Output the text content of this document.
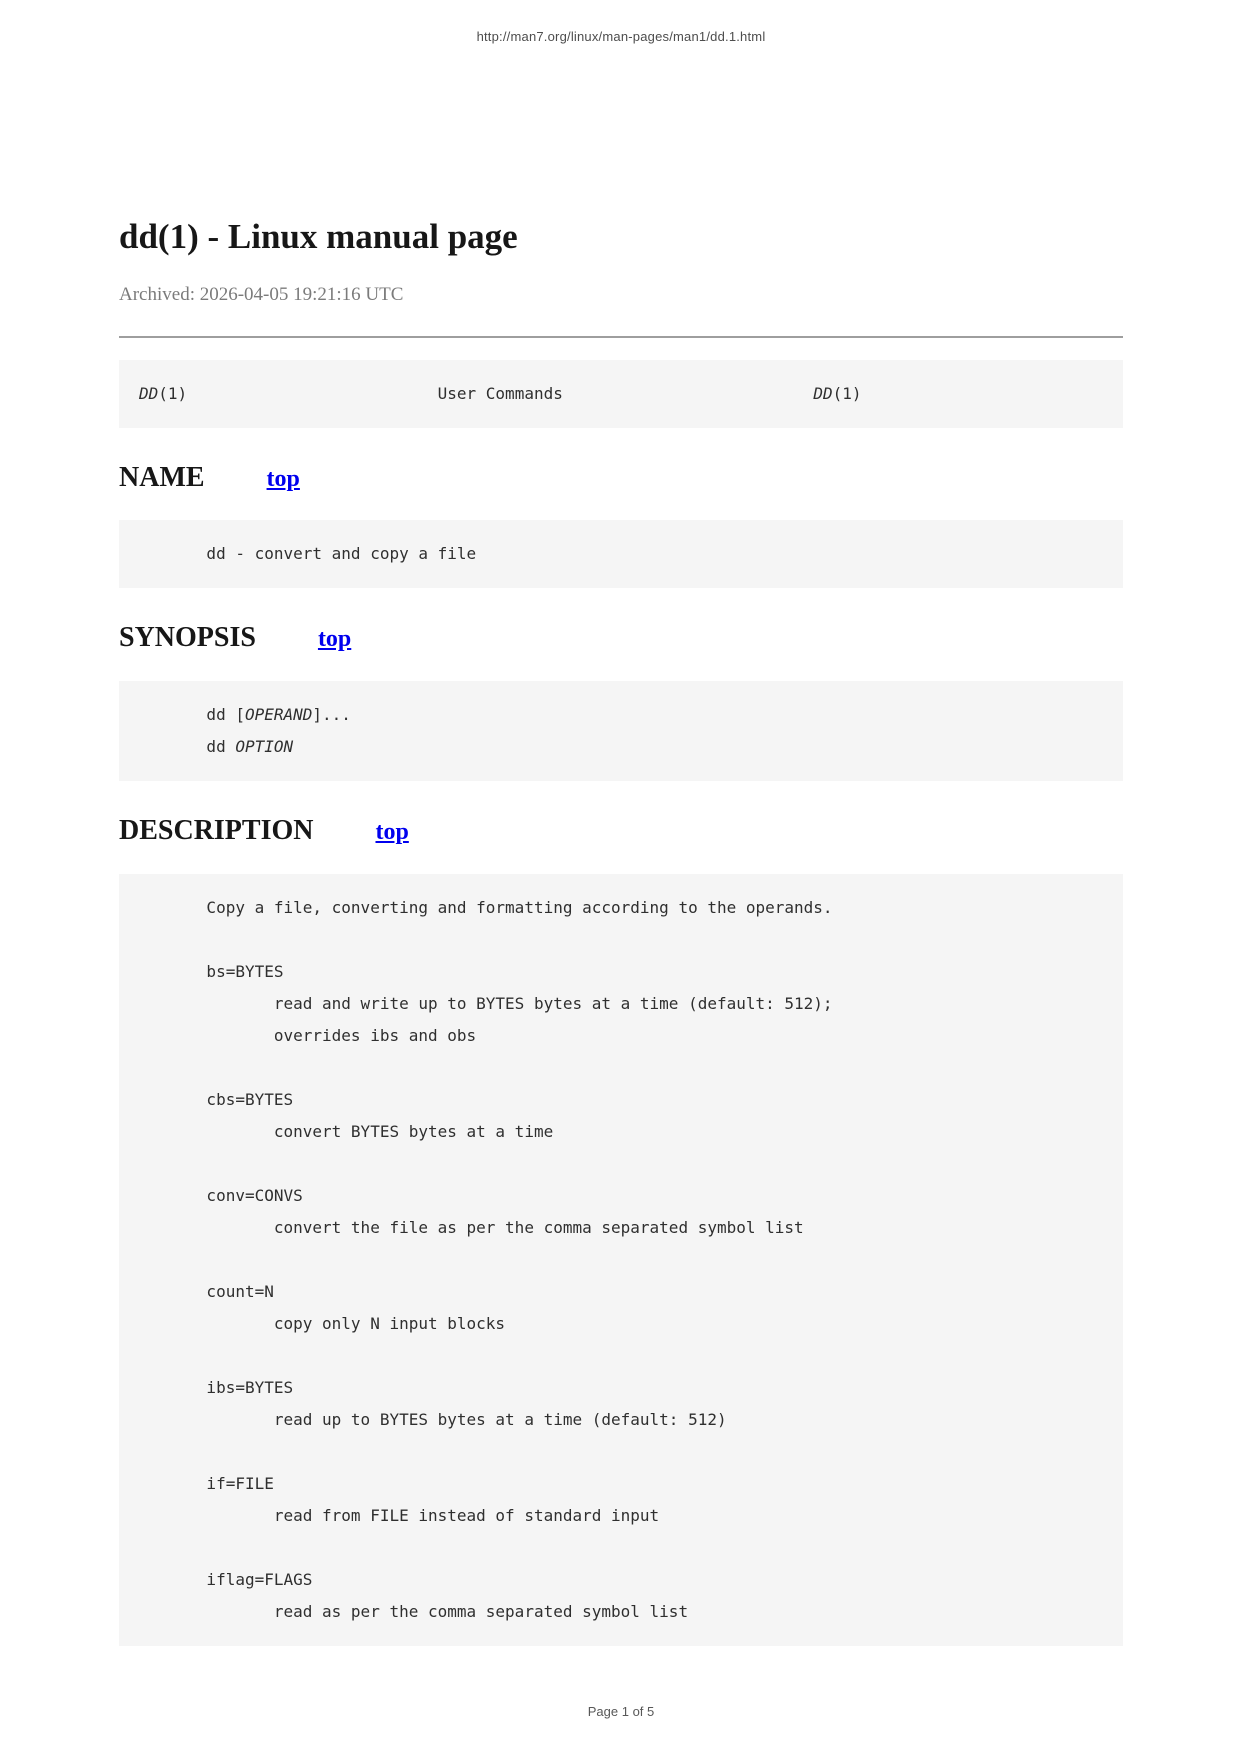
http://man7.org/linux/man-pages/man1/dd.1.html
dd(1) - Linux manual page
Archived: 2026-04-05 19:21:16 UTC
DD(1)	User Commands	DD(1)
NAME	top
dd - convert and copy a file
SYNOPSIS	top
dd [OPERAND]...
dd OPTION
DESCRIPTION	top
Copy a file, converting and formatting according to the operands.
bs=BYTES
read and write up to BYTES bytes at a time (default: 512);
overrides ibs and obs
cbs=BYTES
convert BYTES bytes at a time
conv=CONVS
convert the file as per the comma separated symbol list
count=N
copy only N input blocks
ibs=BYTES
read up to BYTES bytes at a time (default: 512)
if=FILE
read from FILE instead of standard input
iflag=FLAGS
read as per the comma separated symbol list
Page 1 of 5
